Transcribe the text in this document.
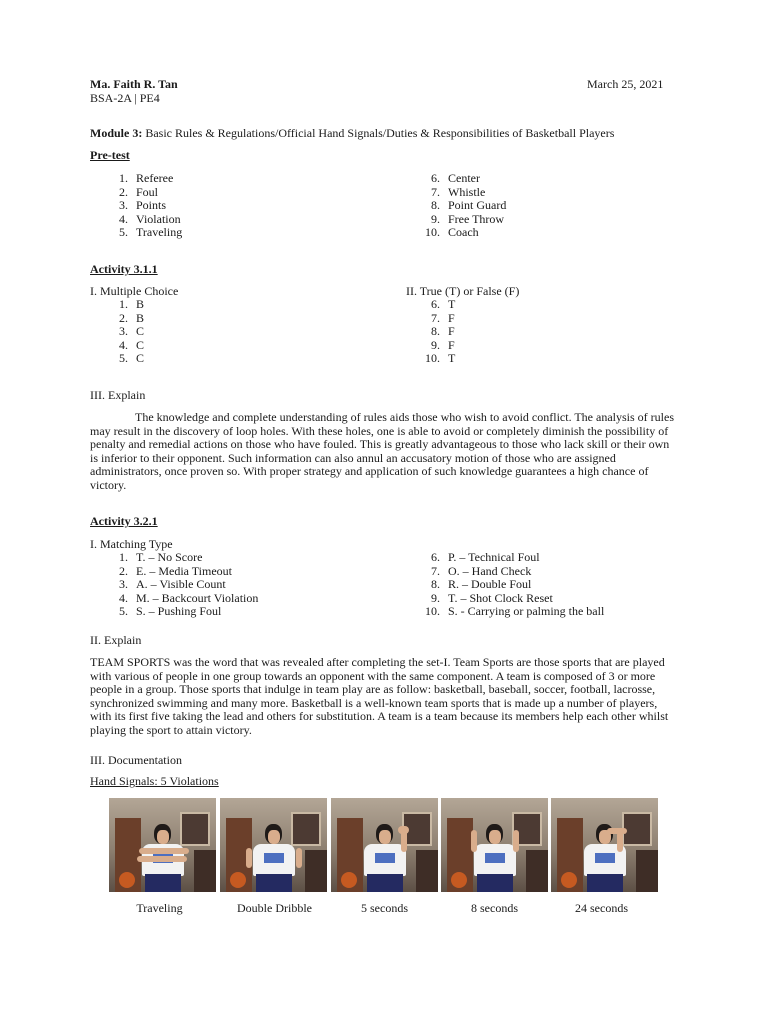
Ma. Faith R. Tan	March 25, 2021
BSA-2A | PE4
Module 3: Basic Rules & Regulations/Official Hand Signals/Duties & Responsibilities of Basketball Players
Pre-test
1. Referee
2. Foul
3. Points
4. Violation
5. Traveling
6. Center
7. Whistle
8. Point Guard
9. Free Throw
10. Coach
Activity 3.1.1
I. Multiple Choice	II. True (T) or False (F)
1. B
2. B
3. C
4. C
5. C
6. T
7. F
8. F
9. F
10. T
III. Explain
The knowledge and complete understanding of rules aids those who wish to avoid conflict. The analysis of rules may result in the discovery of loop holes. With these holes, one is able to avoid or completely diminish the possibility of penalty and remedial actions on those who have fouled. This is greatly advantageous to those who lack skill or their own is inferior to their opponent. Such information can also annul an accusatory motion of those who are assigned administrators, once proven so. With proper strategy and application of such knowledge guarantees a high chance of victory.
Activity 3.2.1
I. Matching Type
1. T. – No Score
2. E. – Media Timeout
3. A. – Visible Count
4. M. – Backcourt Violation
5. S. – Pushing Foul
6. P. – Technical Foul
7. O. – Hand Check
8. R. – Double Foul
9. T. – Shot Clock Reset
10. S. - Carrying or palming the ball
II. Explain
TEAM SPORTS was the word that was revealed after completing the set-I. Team Sports are those sports that are played with various of people in one group towards an opponent with the same component. A team is composed of 3 or more people in a group. Those sports that indulge in team play are as follow: basketball, baseball, soccer, football, lacrosse, synchronized swimming and many more. Basketball is a well-known team sports that is made up a number of players, with its first five taking the lead and others for substitution. A team is a team because its members help each other whilst playing the sport to attain victory.
III. Documentation
Hand Signals: 5 Violations
Traveling	Double Dribble	5 seconds	8 seconds	24 seconds
